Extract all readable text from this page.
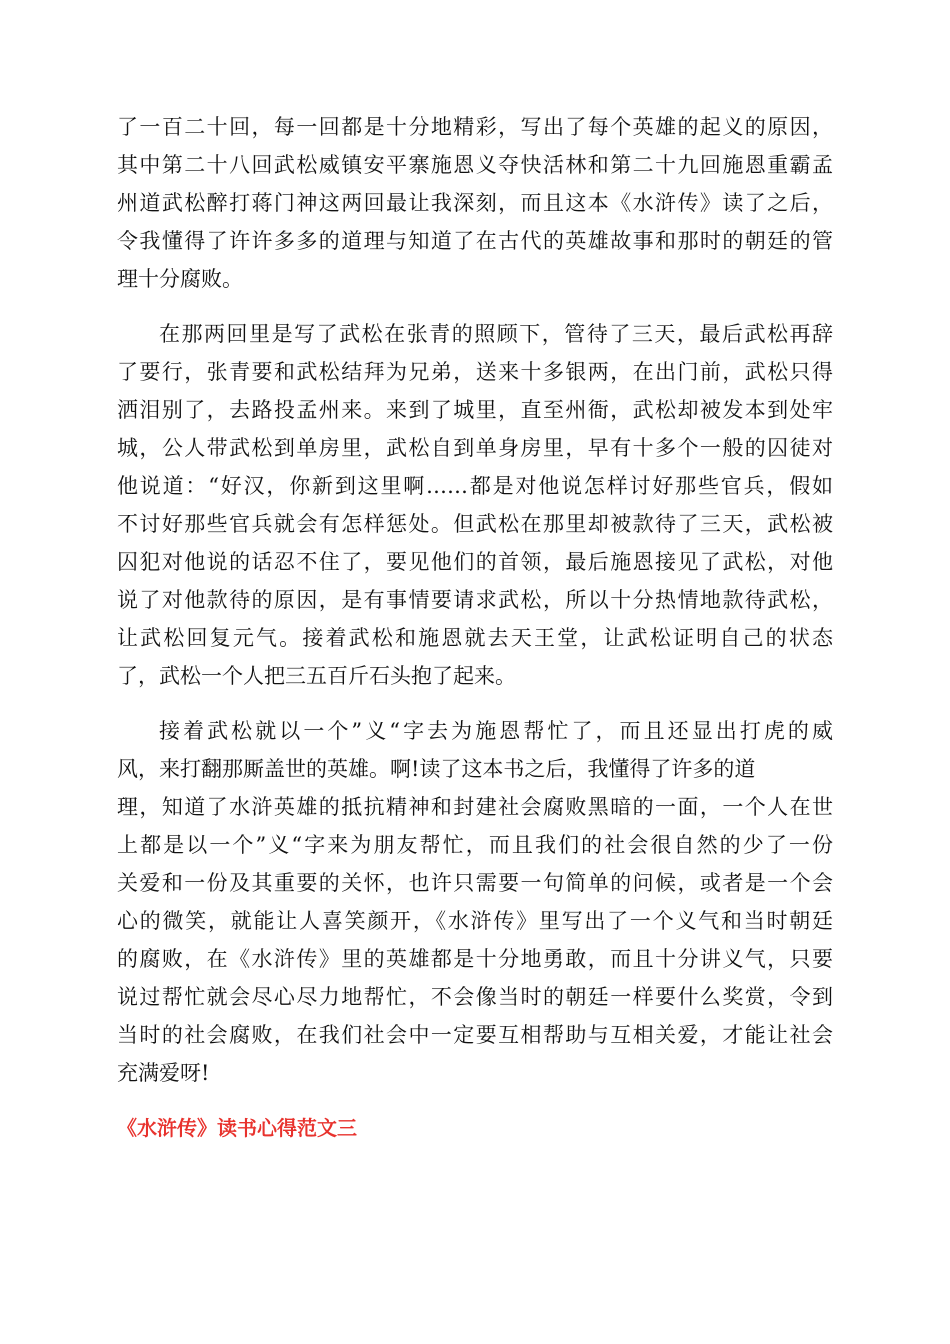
了一百二十回，每一回都是十分地精彩，写出了每个英雄的起义的原因，
其中第二十八回武松威镇安平寨施恩义夺快活林和第二十九回施恩重霸孟
州道武松醉打蒋门神这两回最让我深刻，而且这本《水浒传》读了之后，
令我懂得了许许多多的道理与知道了在古代的英雄故事和那时的朝廷的管
理十分腐败。

在那两回里是写了武松在张青的照顾下，管待了三天，最后武松再辞
了要行，张青要和武松结拜为兄弟，送来十多银两，在出门前，武松只得
洒泪别了，去路投孟州来。来到了城里，直至州衙，武松却被发本到处牢
城，公人带武松到单房里，武松自到单身房里，早有十多个一般的囚徒对
他说道：“好汉，你新到这里啊……都是对他说怎样讨好那些官兵，假如
不讨好那些官兵就会有怎样惩处。但武松在那里却被款待了三天，武松被
囚犯对他说的话忍不住了，要见他们的首领，最后施恩接见了武松，对他
说了对他款待的原因，是有事情要请求武松，所以十分热情地款待武松，
让武松回复元气。接着武松和施恩就去天王堂，让武松证明自己的状态
了，武松一个人把三五百斤石头抱了起来。

接着武松就以一个”义“字去为施恩帮忙了，而且还显出打虎的威
风，来打翻那厮盖世的英雄。啊!读了这本书之后，我懂得了许多的道
理，知道了水浒英雄的抵抗精神和封建社会腐败黑暗的一面，一个人在世
上都是以一个”义“字来为朋友帮忙，而且我们的社会很自然的少了一份
关爱和一份及其重要的关怀，也许只需要一句简单的问候，或者是一个会
心的微笑，就能让人喜笑颜开，《水浒传》里写出了一个义气和当时朝廷
的腐败，在《水浒传》里的英雄都是十分地勇敢，而且十分讲义气，只要
说过帮忙就会尽心尽力地帮忙，不会像当时的朝廷一样要什么奖赏，令到
当时的社会腐败，在我们社会中一定要互相帮助与互相关爱，才能让社会
充满爱呀!

《水浒传》读书心得范文三
